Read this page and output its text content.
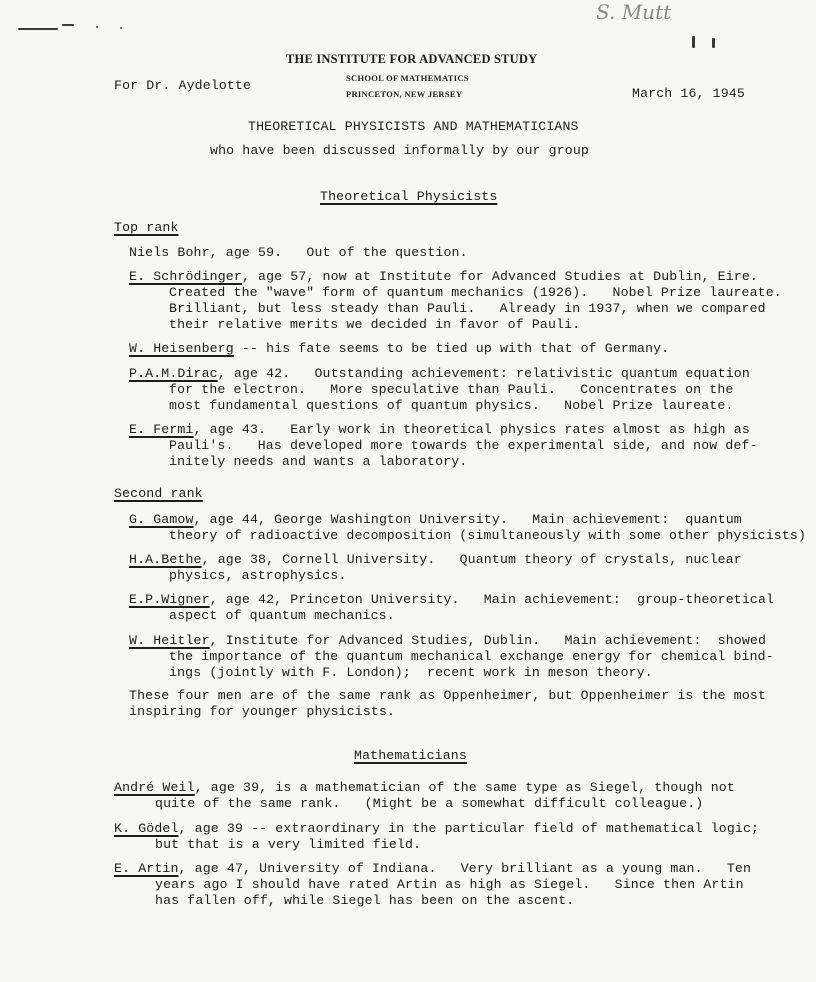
S. Mutt
THE INSTITUTE FOR ADVANCED STUDY
SCHOOL OF MATHEMATICS
PRINCETON, NEW JERSEY
For Dr. Aydelotte
March 16, 1945
THEORETICAL PHYSICISTS AND MATHEMATICIANS
who have been discussed informally by our group
Theoretical Physicists
Top rank
Niels Bohr, age 59.   Out of the question.
E. Schrödinger, age 57, now at Institute for Advanced Studies at Dublin, Eire.
Created the "wave" form of quantum mechanics (1926).   Nobel Prize laureate.
Brilliant, but less steady than Pauli.   Already in 1937, when we compared
their relative merits we decided in favor of Pauli.
W. Heisenberg -- his fate seems to be tied up with that of Germany.
P.A.M.Dirac, age 42.   Outstanding achievement: relativistic quantum equation
for the electron.   More speculative than Pauli.   Concentrates on the
most fundamental questions of quantum physics.   Nobel Prize laureate.
E. Fermi, age 43.   Early work in theoretical physics rates almost as high as
Pauli's.   Has developed more towards the experimental side, and now def-
initely needs and wants a laboratory.
Second rank
G. Gamow, age 44, George Washington University.   Main achievement:  quantum
theory of radioactive decomposition (simultaneously with some other physicists)
H.A.Bethe, age 38, Cornell University.   Quantum theory of crystals, nuclear
physics, astrophysics.
E.P.Wigner, age 42, Princeton University.   Main achievement:  group-theoretical
aspect of quantum mechanics.
W. Heitler, Institute for Advanced Studies, Dublin.   Main achievement:  showed
the importance of the quantum mechanical exchange energy for chemical bind-
ings (jointly with F. London);  recent work in meson theory.
These four men are of the same rank as Oppenheimer, but Oppenheimer is the most
inspiring for younger physicists.
Mathematicians
André Weil, age 39, is a mathematician of the same type as Siegel, though not
quite of the same rank.   (Might be a somewhat difficult colleague.)
K. Gödel, age 39 -- extraordinary in the particular field of mathematical logic;
but that is a very limited field.
E. Artin, age 47, University of Indiana.   Very brilliant as a young man.   Ten
years ago I should have rated Artin as high as Siegel.   Since then Artin
has fallen off, while Siegel has been on the ascent.
